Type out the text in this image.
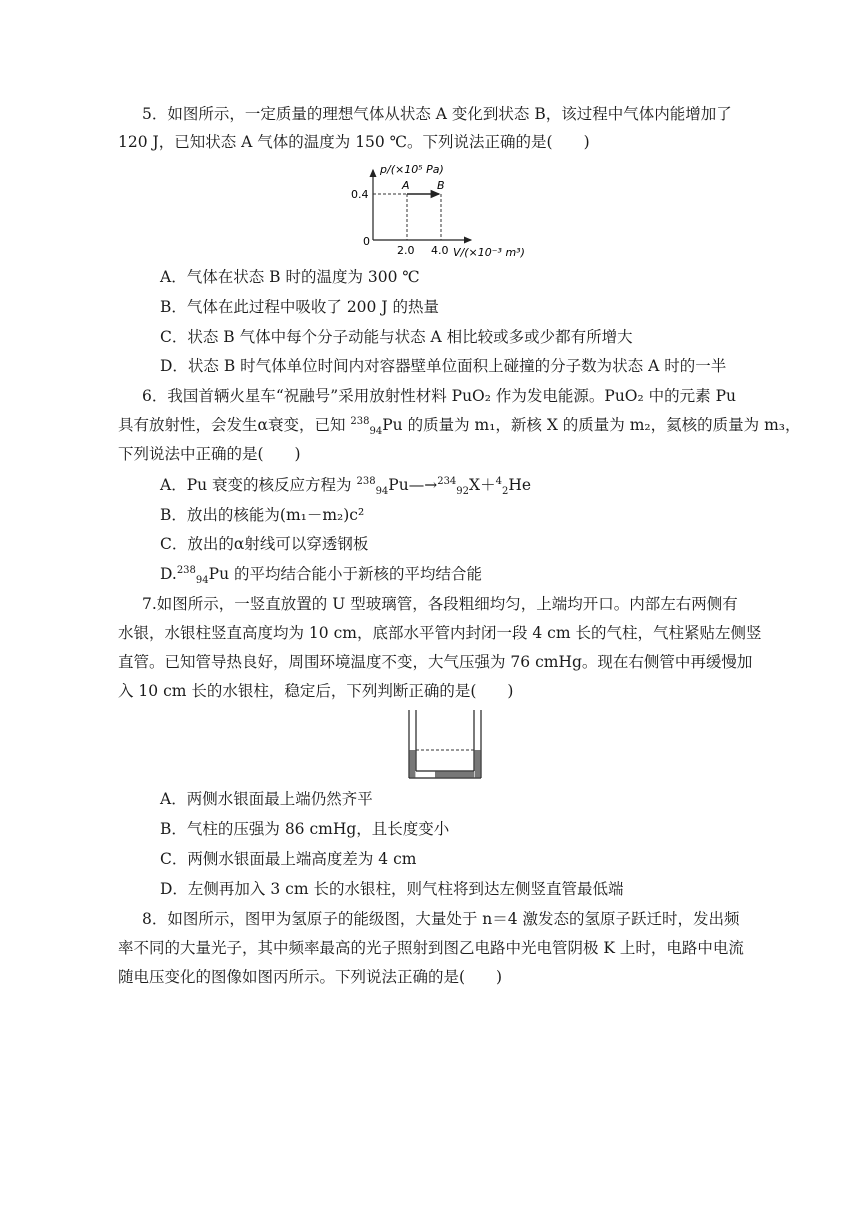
5．如图所示，一定质量的理想气体从状态 A 变化到状态 B，该过程中气体内能增加了
120 J，已知状态 A 气体的温度为 150 ℃。下列说法正确的是(　　)
p/(×10⁵ Pa)
V/(×10⁻³ m³)
0.4
0
2.0 4.0
A B
A．气体在状态 B 时的温度为 300 ℃
B．气体在此过程中吸收了 200 J 的热量
C．状态 B 气体中每个分子动能与状态 A 相比较或多或少都有所增大
D．状态 B 时气体单位时间内对容器壁单位面积上碰撞的分子数为状态 A 时的一半
6．我国首辆火星车“祝融号”采用放射性材料 PuO₂ 作为发电能源。PuO₂ 中的元素 Pu
具有放射性，会发生α衰变，已知 $^{238}_{94}$Pu 的质量为 m₁，新核 X 的质量为 m₂，氦核的质量为 m₃，
下列说法中正确的是(　　)
A．Pu 衰变的核反应方程为 $^{238}_{94}$Pu—→$^{234}_{92}$X＋$^4_2$He
B．放出的核能为(m₁－m₂)c²
C．放出的α射线可以穿透钢板
D.$^{238}_{94}$Pu 的平均结合能小于新核的平均结合能
7.如图所示，一竖直放置的 U 型玻璃管，各段粗细均匀，上端均开口。内部左右两侧有
水银，水银柱竖直高度均为 10 cm，底部水平管内封闭一段 4 cm 长的气柱，气柱紧贴左侧竖
直管。已知管导热良好，周围环境温度不变，大气压强为 76 cmHg。现在右侧管中再缓慢加
入 10 cm 长的水银柱，稳定后，下列判断正确的是(　　)
A．两侧水银面最上端仍然齐平
B．气柱的压强为 86 cmHg，且长度变小
C．两侧水银面最上端高度差为 4 cm
D．左侧再加入 3 cm 长的水银柱，则气柱将到达左侧竖直管最低端
8．如图所示，图甲为氢原子的能级图，大量处于 n＝4 激发态的氢原子跃迁时，发出频
率不同的大量光子，其中频率最高的光子照射到图乙电路中光电管阴极 K 上时，电路中电流
随电压变化的图像如图丙所示。下列说法正确的是(　　)
